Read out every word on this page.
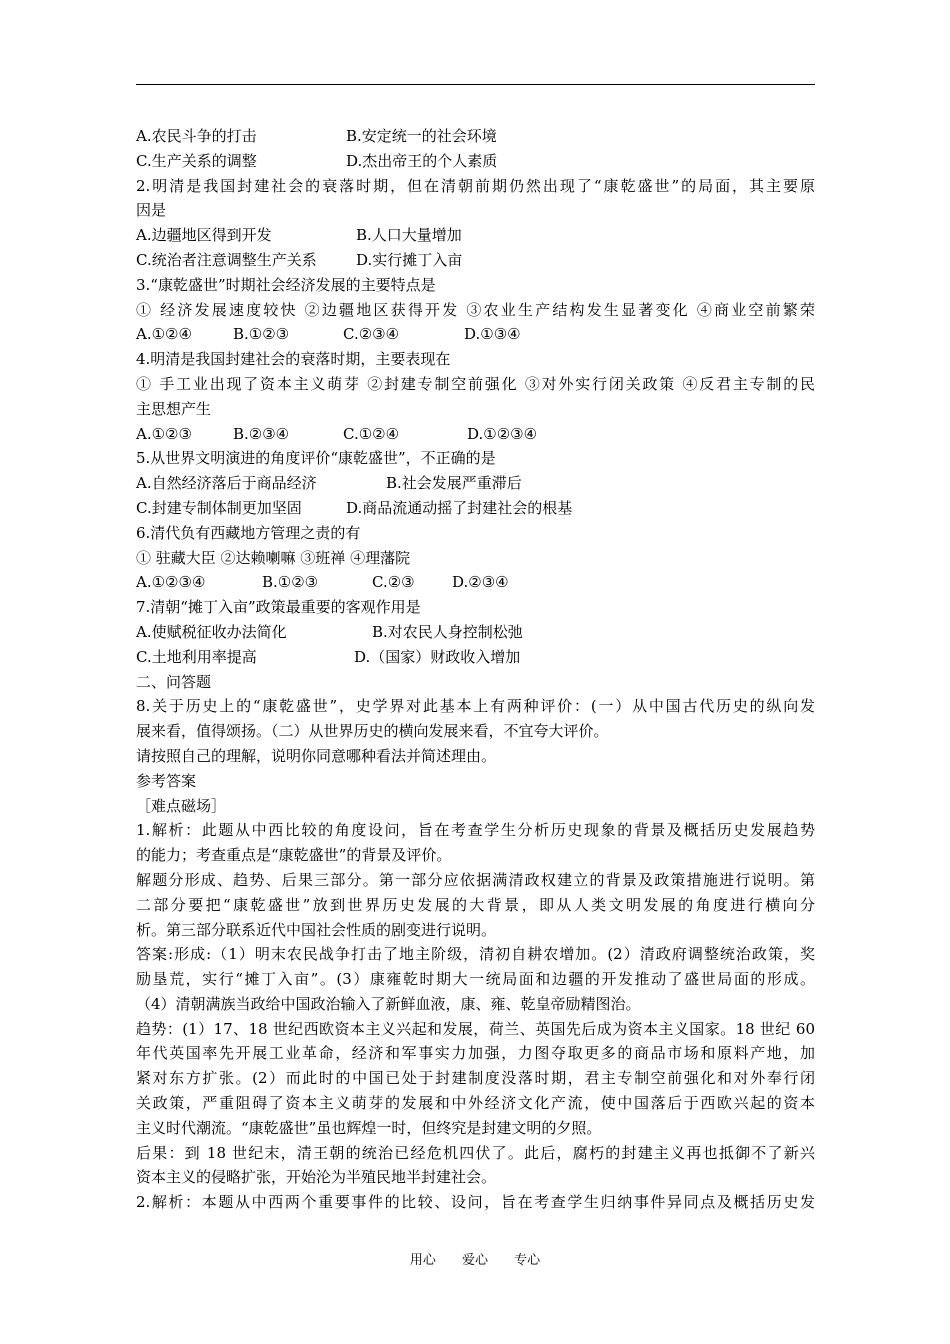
A.农民斗争的打击	B.安定统一的社会环境
C.生产关系的调整	D.杰出帝王的个人素质
2.明清是我国封建社会的衰落时期，但在清朝前期仍然出现了“康乾盛世”的局面，其主要原
因是
A.边疆地区得到开发	B.人口大量增加
C.统治者注意调整生产关系	D.实行摊丁入亩
3.“康乾盛世”时期社会经济发展的主要特点是
① 经济发展速度较快 ②边疆地区获得开发 ③农业生产结构发生显著变化 ④商业空前繁荣
A.①②④	B.①②③	C.②③④	D.①③④
4.明清是我国封建社会的衰落时期，主要表现在
① 手工业出现了资本主义萌芽 ②封建专制空前强化 ③对外实行闭关政策 ④反君主专制的民
主思想产生
A.①②③	B.②③④	C.①②④	D.①②③④
5.从世界文明演进的角度评价“康乾盛世”，不正确的是
A.自然经济落后于商品经济	B.社会发展严重滞后
C.封建专制体制更加坚固	D.商品流通动摇了封建社会的根基
6.清代负有西藏地方管理之责的有
① 驻藏大臣 ②达赖喇嘛 ③班禅 ④理藩院
A.①②③④	B.①②③	C.②③ D.②③④
7.清朝“摊丁入亩”政策最重要的客观作用是
A.使赋税征收办法简化	B.对农民人身控制松弛
C.土地利用率提高	D.（国家）财政收入增加
二、问答题
8.关于历史上的“康乾盛世”，史学界对此基本上有两种评价：(一）从中国古代历史的纵向发
展来看，值得颂扬。（二）从世界历史的横向发展来看，不宜夸大评价。
请按照自己的理解，说明你同意哪种看法并简述理由。
参考答案
［难点磁场］
1.解析：此题从中西比较的角度设问，旨在考查学生分析历史现象的背景及概括历史发展趋势
的能力；考查重点是“康乾盛世”的背景及评价。
解题分形成、趋势、后果三部分。第一部分应依据满清政权建立的背景及政策措施进行说明。第
二部分要把“康乾盛世”放到世界历史发展的大背景，即从人类文明发展的角度进行横向分
析。第三部分联系近代中国社会性质的剧变进行说明。
答案:形成:（1）明末农民战争打击了地主阶级，清初自耕农增加。(2）清政府调整统治政策，奖
励垦荒，实行“摊丁入亩”。(3）康雍乾时期大一统局面和边疆的开发推动了盛世局面的形成。
（4）清朝满族当政给中国政治输入了新鲜血液，康、雍、乾皇帝励精图治。
趋势：(1）17、18 世纪西欧资本主义兴起和发展，荷兰、英国先后成为资本主义国家。18 世纪 60
年代英国率先开展工业革命，经济和军事实力加强，力图夺取更多的商品市场和原料产地，加
紧对东方扩张。(2）而此时的中国已处于封建制度没落时期，君主专制空前强化和对外奉行闭
关政策，严重阻碍了资本主义萌芽的发展和中外经济文化产流，使中国落后于西欧兴起的资本
主义时代潮流。“康乾盛世”虽也辉煌一时，但终究是封建文明的夕照。
后果：到 18 世纪末，清王朝的统治已经危机四伏了。此后，腐朽的封建主义再也抵御不了新兴
资本主义的侵略扩张，开始沦为半殖民地半封建社会。
2.解析：本题从中西两个重要事件的比较、设问，旨在考查学生归纳事件异同点及概括历史发
用心 爱心 专心
